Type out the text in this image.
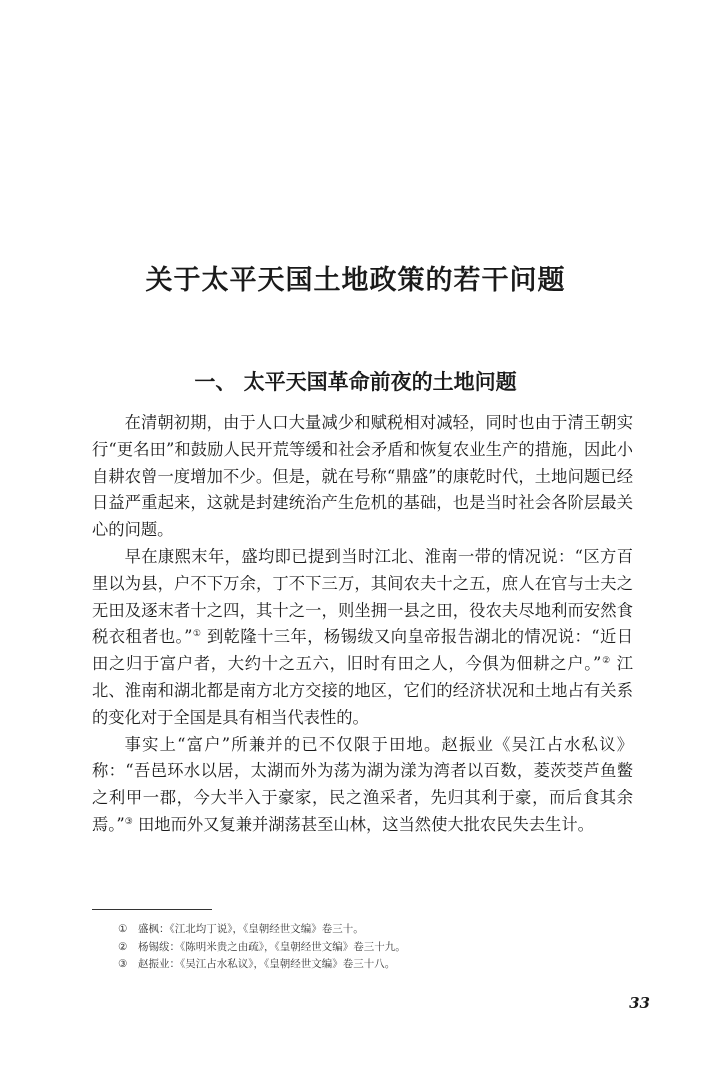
关于太平天国土地政策的若干问题
一、 太平天国革命前夜的土地问题

在清朝初期，由于人口大量减少和赋税相对减轻，同时也由于清王朝实行“更名田”和鼓励人民开荒等缓和社会矛盾和恢复农业生产的措施，因此小自耕农曾一度增加不少。但是，就在号称“鼎盛”的康乾时代，土地问题已经日益严重起来，这就是封建统治产生危机的基础，也是当时社会各阶层最关心的问题。

早在康熙末年，盛均即已提到当时江北、淮南一带的情况说：“区方百里以为县，户不下万余，丁不下三万，其间农夫十之五，庶人在官与士夫之无田及逐末者十之四，其十之一，则坐拥一县之田，役农夫尽地利而安然食税衣租者也。”① 到乾隆十三年，杨锡绂又向皇帝报告湖北的情况说：“近日田之归于富户者，大约十之五六，旧时有田之人，今俱为佃耕之户。”② 江北、淮南和湖北都是南方北方交接的地区，它们的经济状况和土地占有关系的变化对于全国是具有相当代表性的。

事实上“富户”所兼并的已不仅限于田地。赵振业《吴江占水私议》称：“吾邑环水以居，太湖而外为荡为湖为漾为湾者以百数，菱茨茭芦鱼鳖之利甲一郡，今大半入于豪家，民之渔采者，先归其利于豪，而后食其余焉。”③ 田地而外又复兼并湖荡甚至山林，这当然使大批农民失去生计。

① 盛枫：《江北均丁说》，《皇朝经世文编》卷三十。
② 杨锡绂：《陈明米贵之由疏》，《皇朝经世文编》卷三十九。
③ 赵振业：《吴江占水私议》，《皇朝经世文编》卷三十八。
33
